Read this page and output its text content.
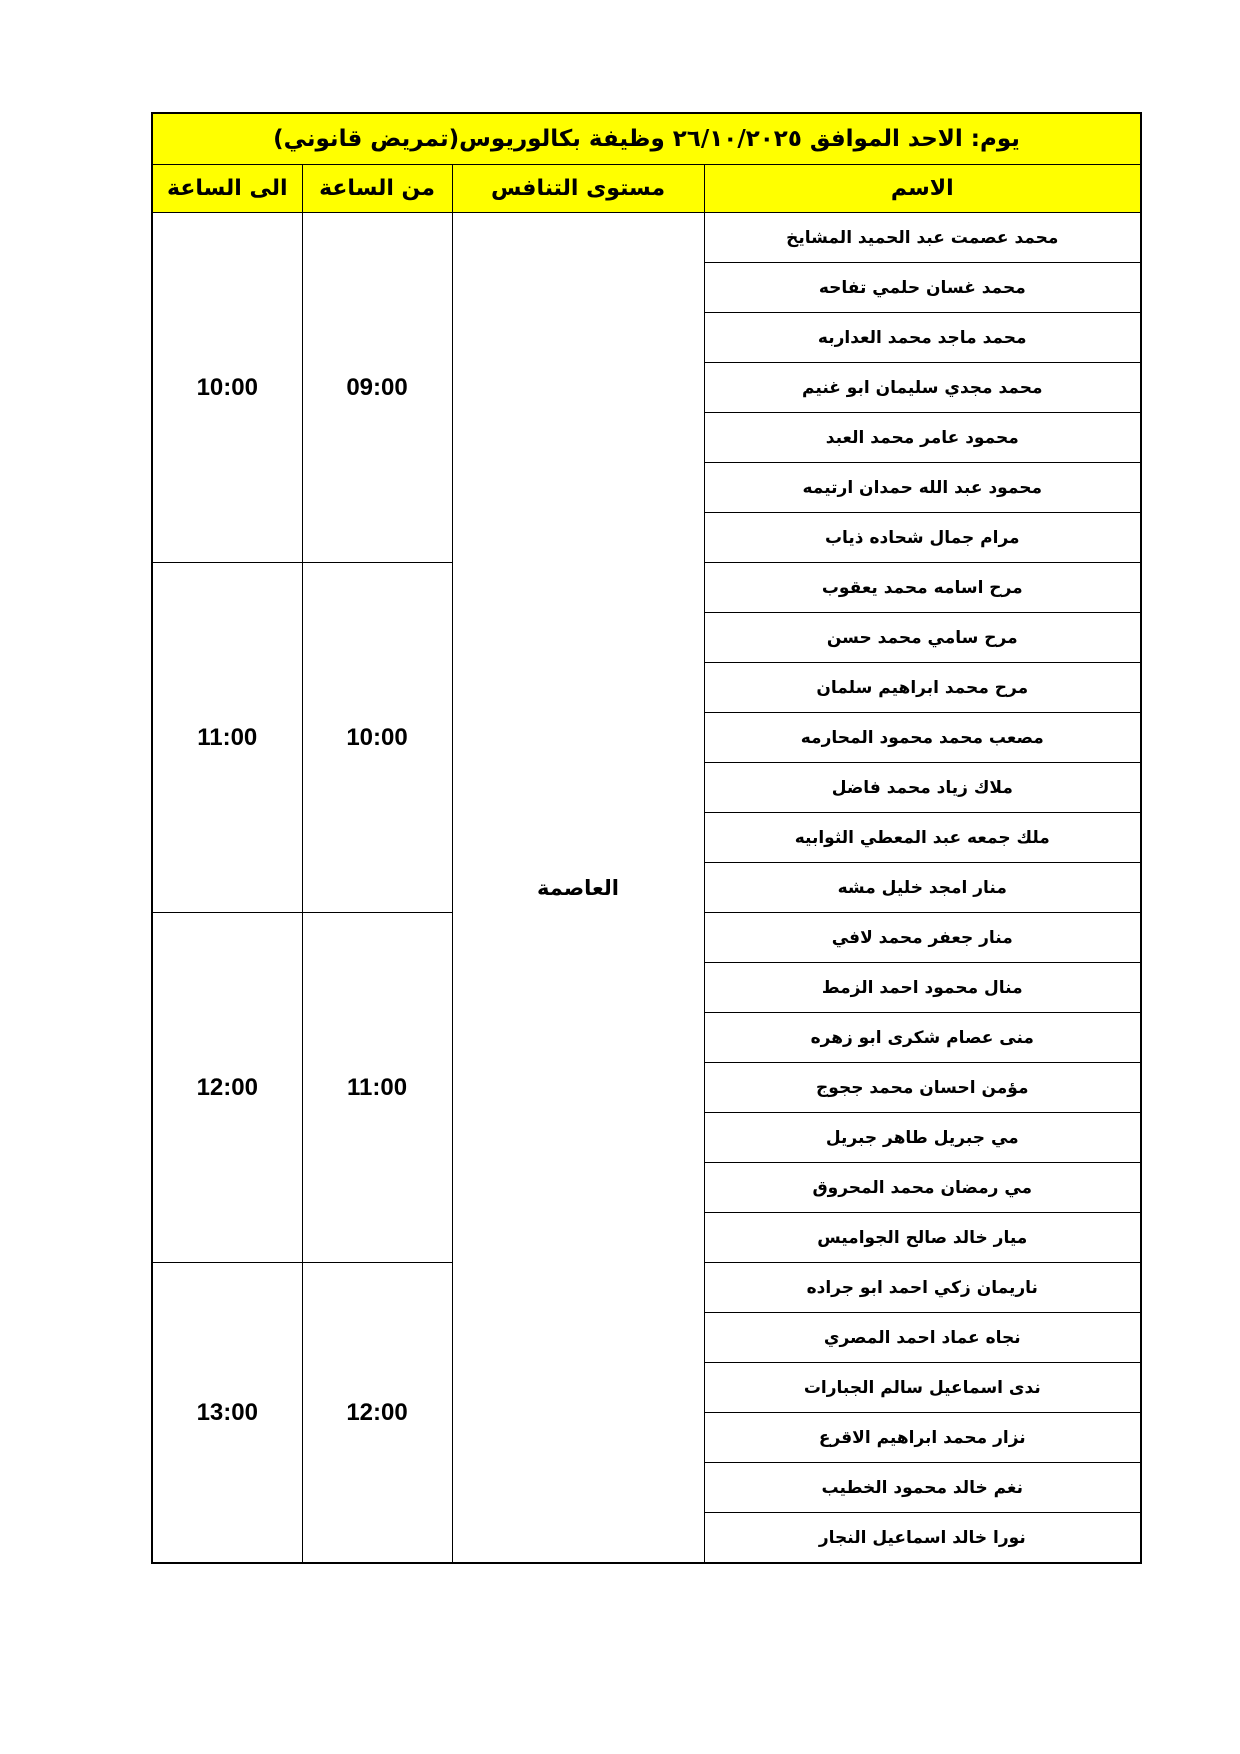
يوم: الاحد الموافق ٢٦/١٠/٢٠٢٥ وظيفة بكالوريوس(تمريض قانوني)			
الاسم	مستوى التنافس	من الساعة	الى الساعة
محمد عصمت عبد الحميد المشايخ	العاصمة	09:00	10:00
محمد غسان حلمي تفاحه			
محمد ماجد محمد العداربه			
محمد مجدي سليمان ابو غنيم			
محمود عامر محمد العبد			
محمود عبد الله حمدان ارتيمه			
مرام جمال شحاده ذياب			
مرح اسامه محمد يعقوب		10:00	11:00
مرح سامي محمد حسن			
مرح محمد ابراهيم سلمان			
مصعب محمد محمود المحارمه			
ملاك زياد محمد فاضل			
ملك جمعه عبد المعطي الثوابيه			
منار امجد خليل مشه			
منار جعفر محمد لافي		11:00	12:00
منال محمود احمد الزمط			
منى عصام شكرى ابو زهره			
مؤمن احسان محمد ججوج			
مي جبريل طاهر جبريل			
مي رمضان محمد المحروق			
ميار خالد صالح الجواميس			
ناريمان زكي احمد ابو جراده		12:00	13:00
نجاه عماد احمد المصري			
ندى اسماعيل سالم الجبارات			
نزار محمد ابراهيم الاقرع			
نغم خالد محمود الخطيب			
نورا خالد اسماعيل النجار			
